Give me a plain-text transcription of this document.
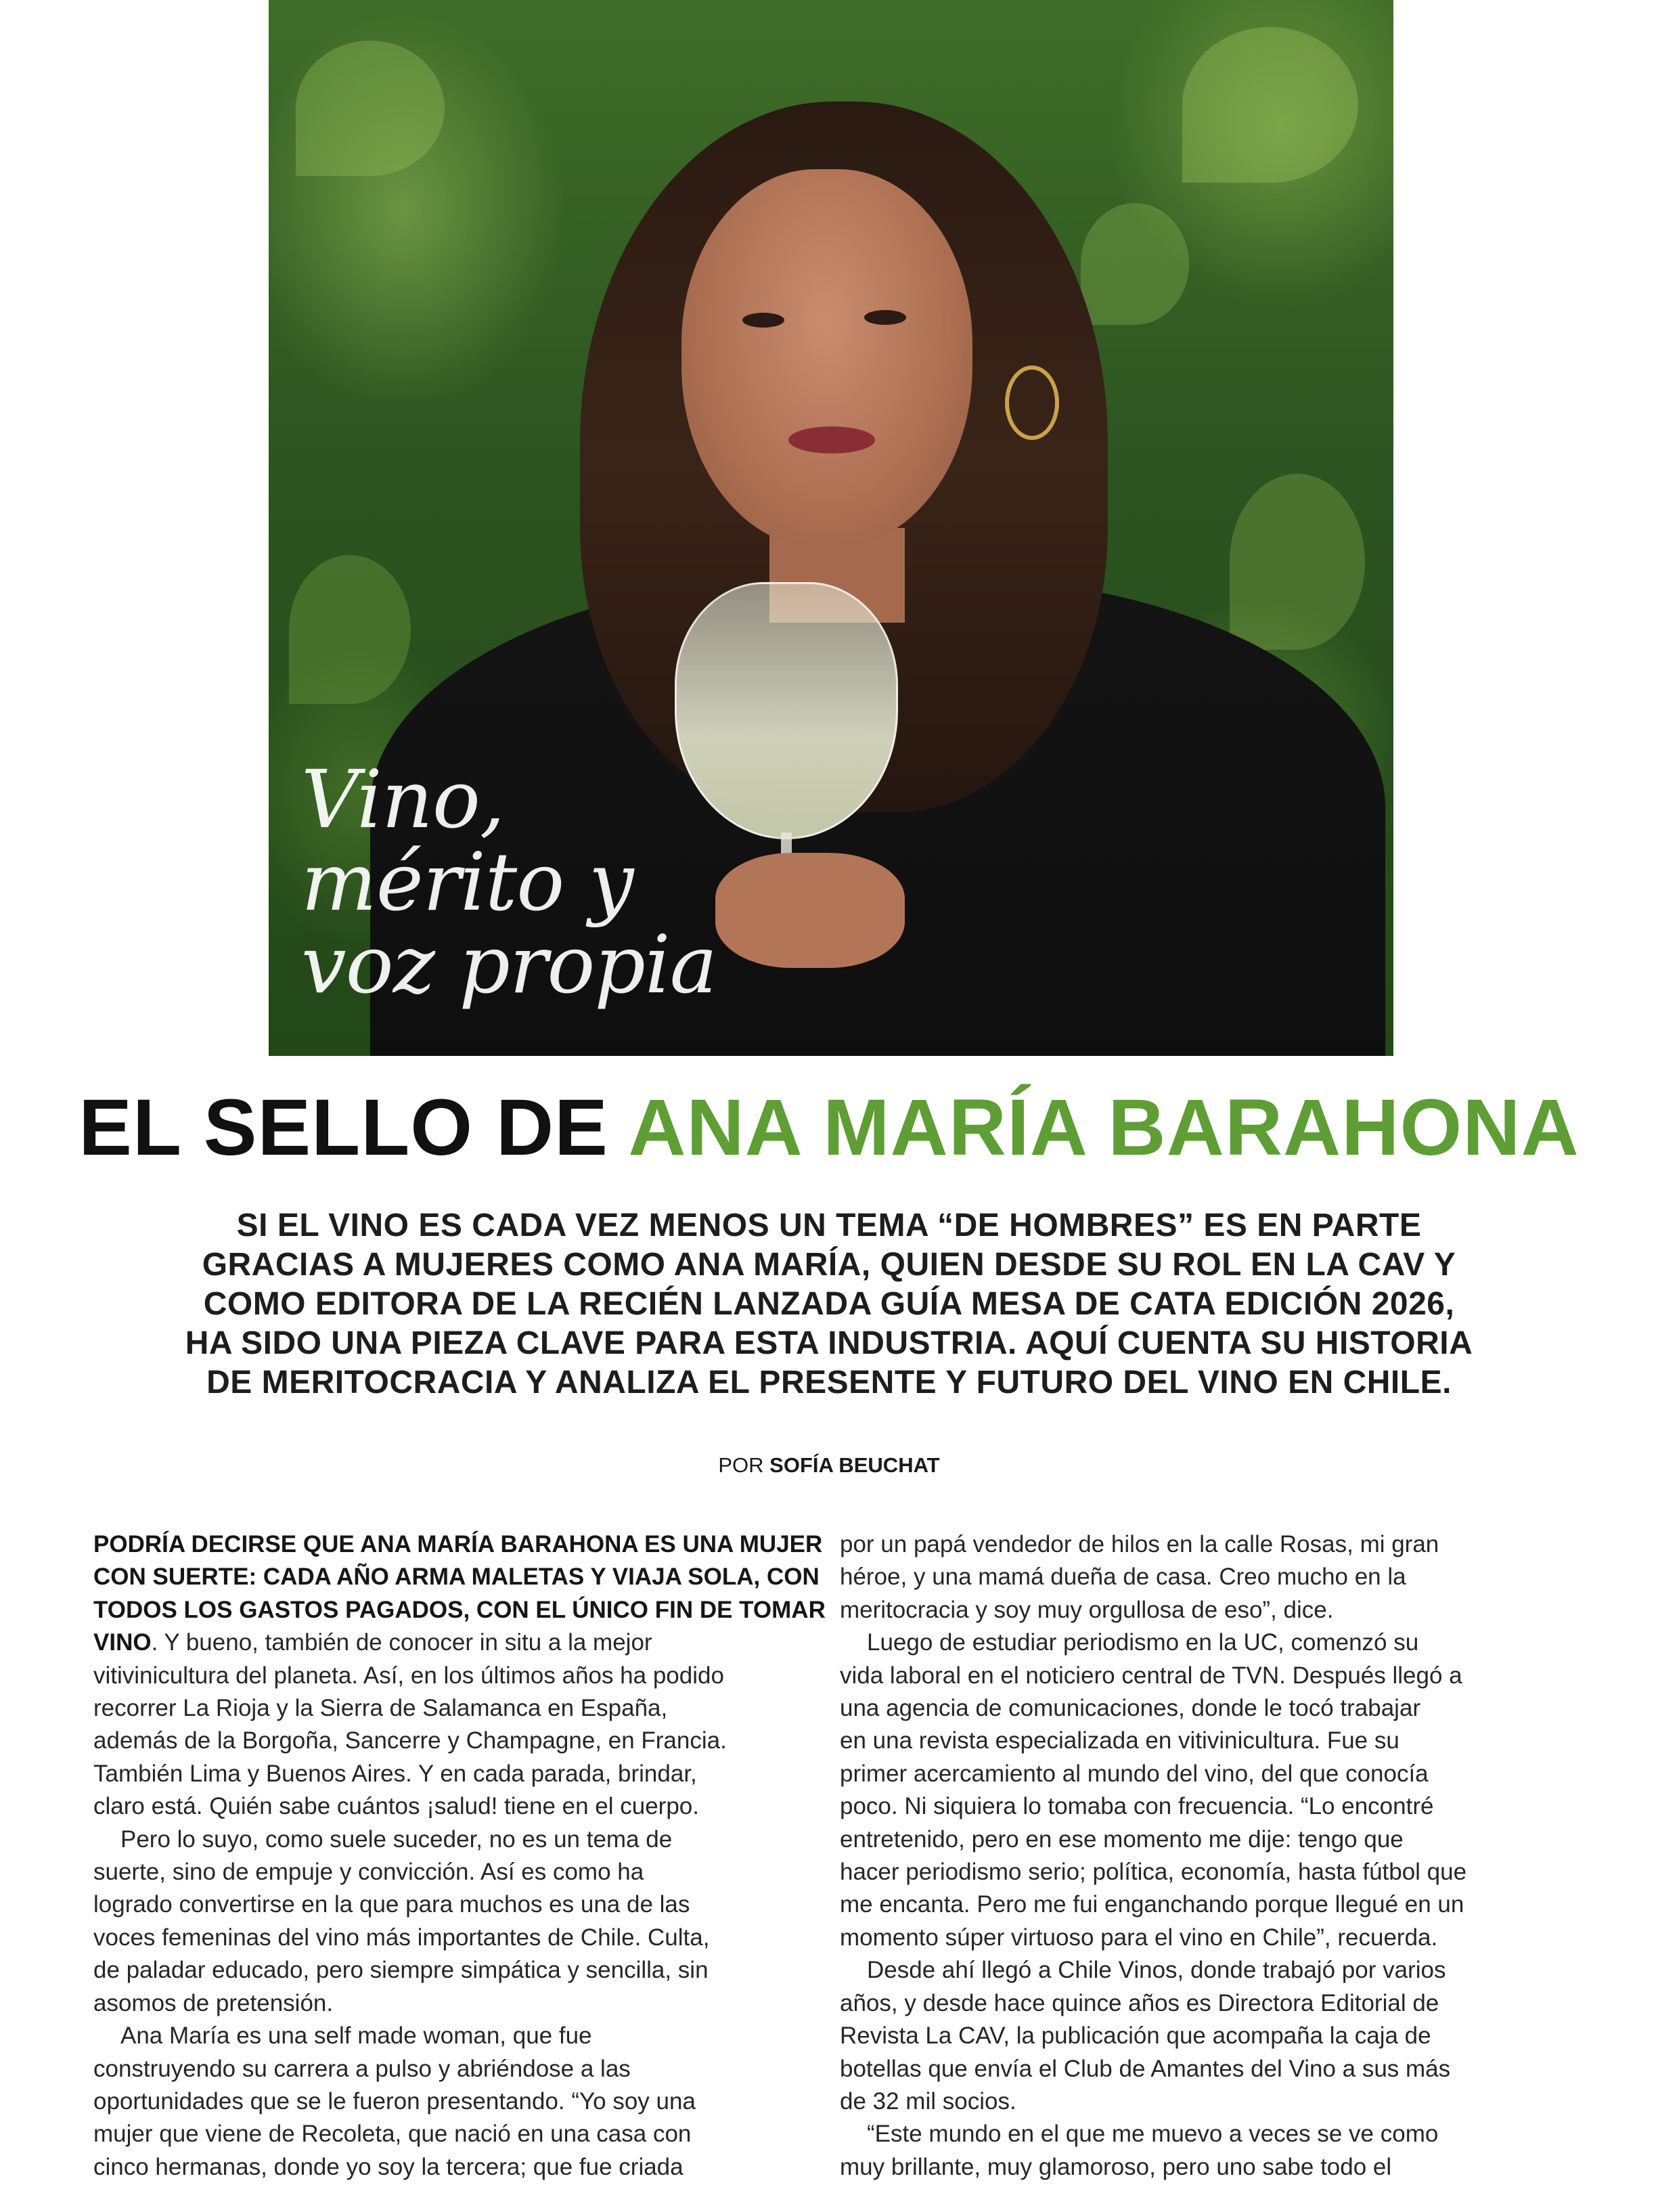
Vino,
mérito y
voz propia
EL SELLO DE ANA MARÍA BARAHONA
SI EL VINO ES CADA VEZ MENOS UN TEMA “DE HOMBRES” ES EN PARTE
GRACIAS A MUJERES COMO ANA MARÍA, QUIEN DESDE SU ROL EN LA CAV Y
COMO EDITORA DE LA RECIÉN LANZADA GUÍA MESA DE CATA EDICIÓN 2026,
HA SIDO UNA PIEZA CLAVE PARA ESTA INDUSTRIA. AQUÍ CUENTA SU HISTORIA
DE MERITOCRACIA Y ANALIZA EL PRESENTE Y FUTURO DEL VINO EN CHILE.
POR SOFÍA BEUCHAT
PODRÍA DECIRSE QUE ANA MARÍA BARAHONA ES UNA MUJER
CON SUERTE: CADA AÑO ARMA MALETAS Y VIAJA SOLA, CON
TODOS LOS GASTOS PAGADOS, CON EL ÚNICO FIN DE TOMAR
VINO. Y bueno, también de conocer in situ a la mejor
vitivinicultura del planeta. Así, en los últimos años ha podido
recorrer La Rioja y la Sierra de Salamanca en España,
además de la Borgoña, Sancerre y Champagne, en Francia.
También Lima y Buenos Aires. Y en cada parada, brindar,
claro está. Quién sabe cuántos ¡salud! tiene en el cuerpo.
Pero lo suyo, como suele suceder, no es un tema de
suerte, sino de empuje y convicción. Así es como ha
logrado convertirse en la que para muchos es una de las
voces femeninas del vino más importantes de Chile. Culta,
de paladar educado, pero siempre simpática y sencilla, sin
asomos de pretensión.
Ana María es una self made woman, que fue
construyendo su carrera a pulso y abriéndose a las
oportunidades que se le fueron presentando. “Yo soy una
mujer que viene de Recoleta, que nació en una casa con
cinco hermanas, donde yo soy la tercera; que fue criada
por un papá vendedor de hilos en la calle Rosas, mi gran
héroe, y una mamá dueña de casa. Creo mucho en la
meritocracia y soy muy orgullosa de eso”, dice.
Luego de estudiar periodismo en la UC, comenzó su
vida laboral en el noticiero central de TVN. Después llegó a
una agencia de comunicaciones, donde le tocó trabajar
en una revista especializada en vitivinicultura. Fue su
primer acercamiento al mundo del vino, del que conocía
poco. Ni siquiera lo tomaba con frecuencia. “Lo encontré
entretenido, pero en ese momento me dije: tengo que
hacer periodismo serio; política, economía, hasta fútbol que
me encanta. Pero me fui enganchando porque llegué en un
momento súper virtuoso para el vino en Chile”, recuerda.
Desde ahí llegó a Chile Vinos, donde trabajó por varios
años, y desde hace quince años es Directora Editorial de
Revista La CAV, la publicación que acompaña la caja de
botellas que envía el Club de Amantes del Vino a sus más
de 32 mil socios.
“Este mundo en el que me muevo a veces se ve como
muy brillante, muy glamoroso, pero uno sabe todo el
